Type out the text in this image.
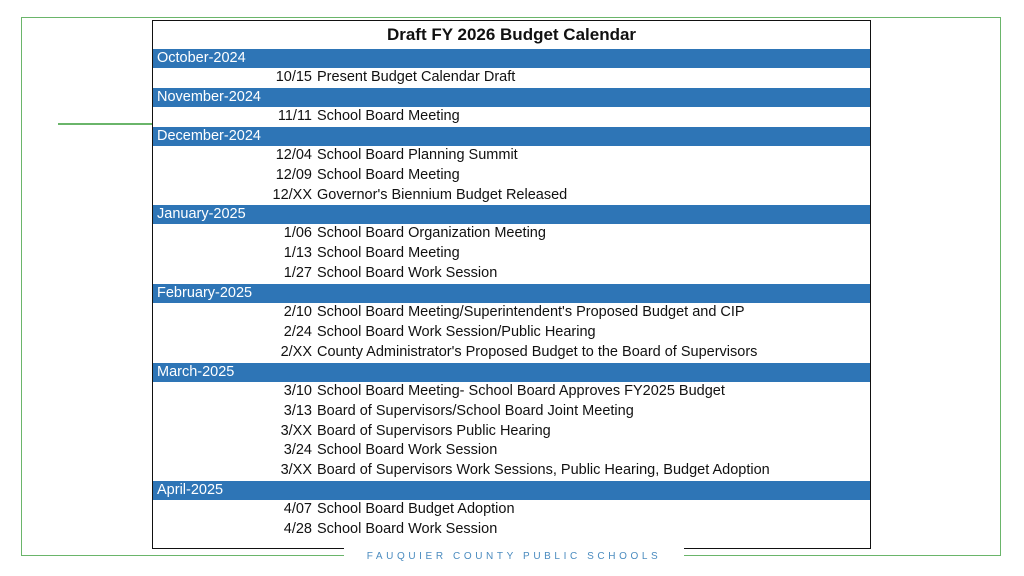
Draft FY 2026 Budget Calendar
October-2024
10/15 Present Budget Calendar Draft
November-2024
11/11 School Board Meeting
December-2024
12/04 School Board Planning Summit
12/09 School Board Meeting
12/XX Governor's Biennium Budget Released
January-2025
1/06 School Board Organization Meeting
1/13 School Board Meeting
1/27 School Board Work Session
February-2025
2/10 School Board Meeting/Superintendent's Proposed Budget and CIP
2/24 School Board Work Session/Public Hearing
2/XX County Administrator's Proposed Budget to the Board of Supervisors
March-2025
3/10 School Board Meeting- School Board Approves FY2025 Budget
3/13 Board of Supervisors/School Board Joint Meeting
3/XX Board of Supervisors Public Hearing
3/24 School Board Work Session
3/XX Board of Supervisors Work Sessions, Public Hearing, Budget Adoption
April-2025
4/07 School Board Budget Adoption
4/28 School Board Work Session
FAUQUIER COUNTY PUBLIC SCHOOLS
